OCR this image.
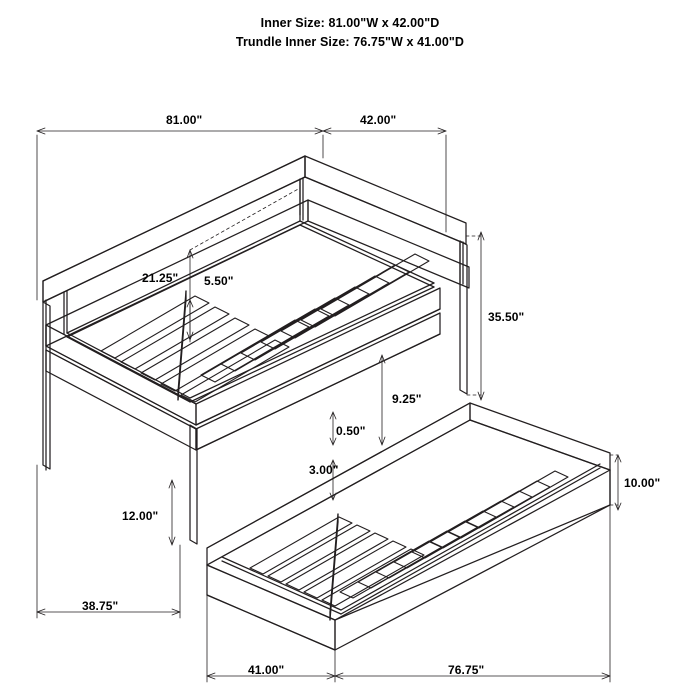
Inner Size: 81.00"W x 42.00"D
Trundle Inner Size: 76.75"W x 41.00"D
81.00"	42.00"
21.25" 5.50"
35.50"
9.25"
0.50"
3.00"
10.00"
12.00"
38.75"
41.00"	76.75"
